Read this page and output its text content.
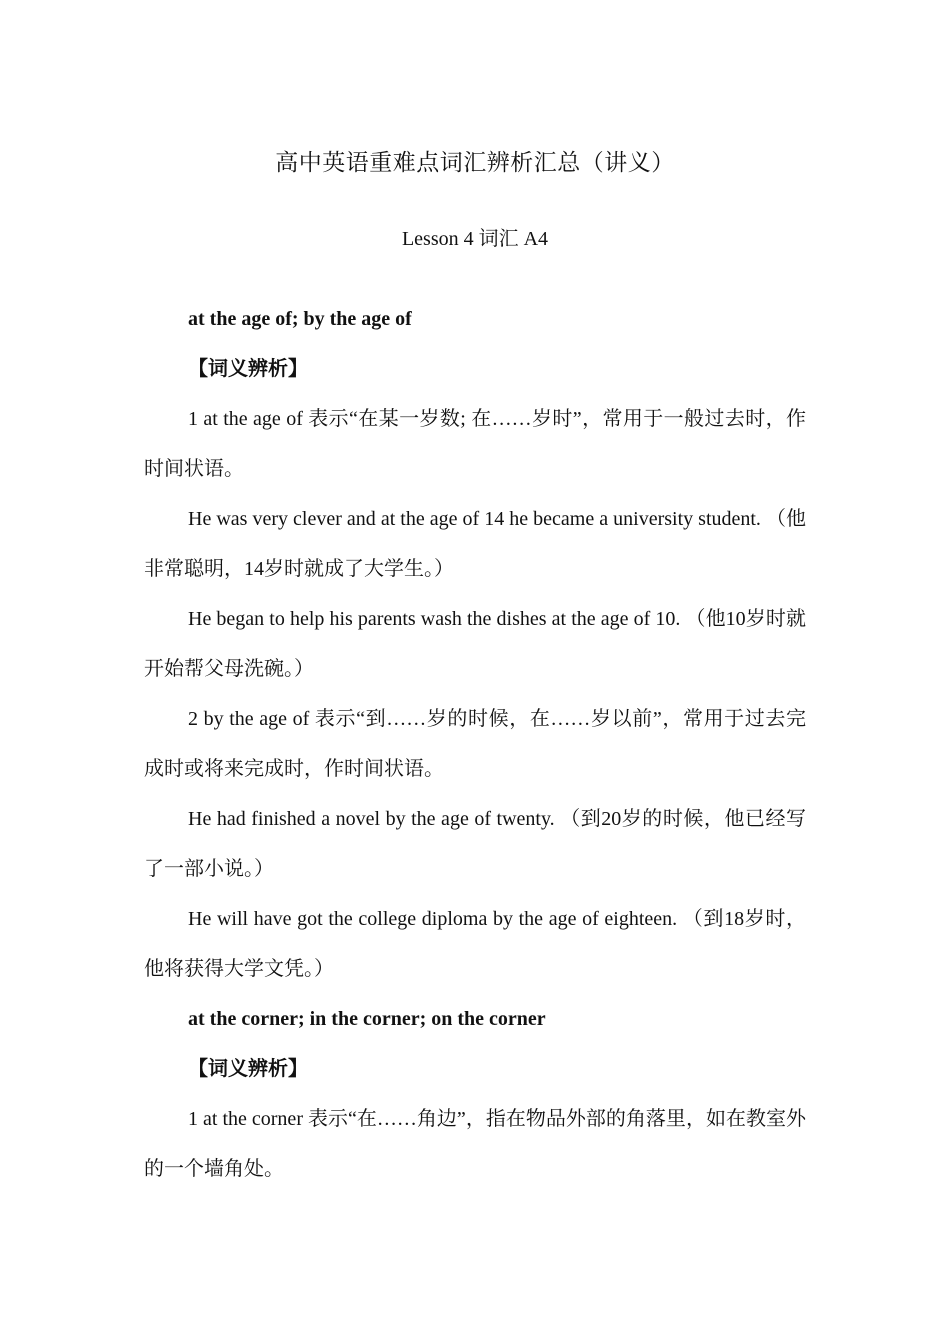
高中英语重难点词汇辨析汇总（讲义）
Lesson 4 词汇 A4

at the age of; by the age of

【词义辨析】

1 at the age of 表示“在某一岁数; 在……岁时”，常用于一般过去时，作时间状语。

He was very clever and at the age of 14 he became a university student. （他非常聪明，14岁时就成了大学生。）

He began to help his parents wash the dishes at the age of 10. （他10岁时就开始帮父母洗碗。）

2 by the age of 表示“到……岁的时候，在……岁以前”，常用于过去完成时或将来完成时，作时间状语。

He had finished a novel by the age of twenty. （到20岁的时候，他已经写了一部小说。）

He will have got the college diploma by the age of eighteen. （到18岁时，他将获得大学文凭。）

at the corner; in the corner; on the corner

【词义辨析】

1 at the corner 表示“在……角边”，指在物品外部的角落里，如在教室外的一个墙角处。
